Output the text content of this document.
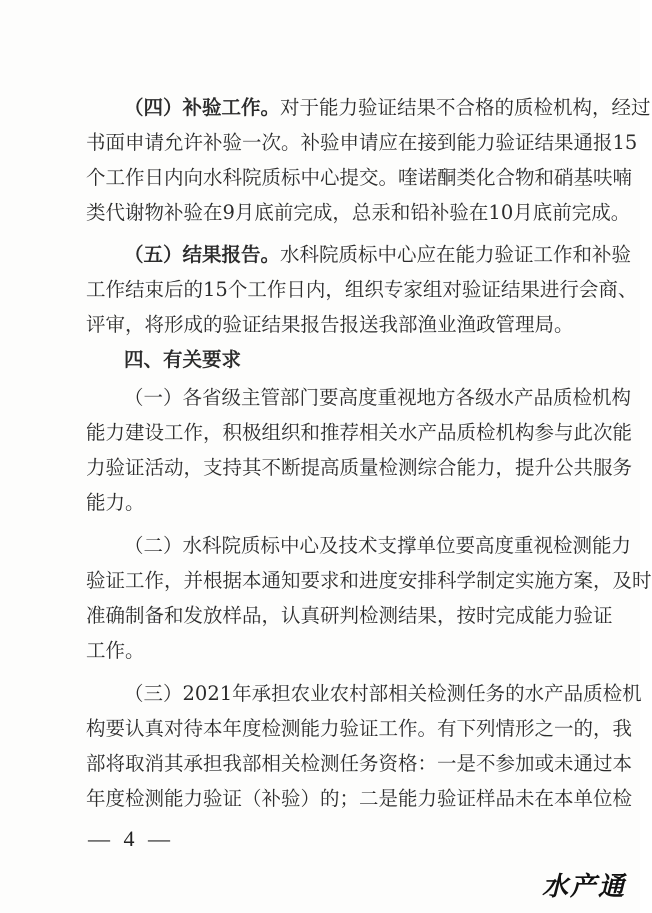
（四）补验工作。对于能力验证结果不合格的质检机构，经过
书面申请允许补验一次。补验申请应在接到能力验证结果通报15
个工作日内向水科院质标中心提交。喹诺酮类化合物和硝基呋喃
类代谢物补验在9月底前完成，总汞和铅补验在10月底前完成。
（五）结果报告。水科院质标中心应在能力验证工作和补验
工作结束后的15个工作日内，组织专家组对验证结果进行会商、
评审，将形成的验证结果报告报送我部渔业渔政管理局。
四、有关要求
（一）各省级主管部门要高度重视地方各级水产品质检机构
能力建设工作，积极组织和推荐相关水产品质检机构参与此次能
力验证活动，支持其不断提高质量检测综合能力，提升公共服务
能力。
（二）水科院质标中心及技术支撑单位要高度重视检测能力
验证工作，并根据本通知要求和进度安排科学制定实施方案，及时
准确制备和发放样品，认真研判检测结果，按时完成能力验证
工作。
（三）2021年承担农业农村部相关检测任务的水产品质检机
构要认真对待本年度检测能力验证工作。有下列情形之一的，我
部将取消其承担我部相关检测任务资格：一是不参加或未通过本
年度检测能力验证（补验）的；二是能力验证样品未在本单位检
— 4 —
水产通
